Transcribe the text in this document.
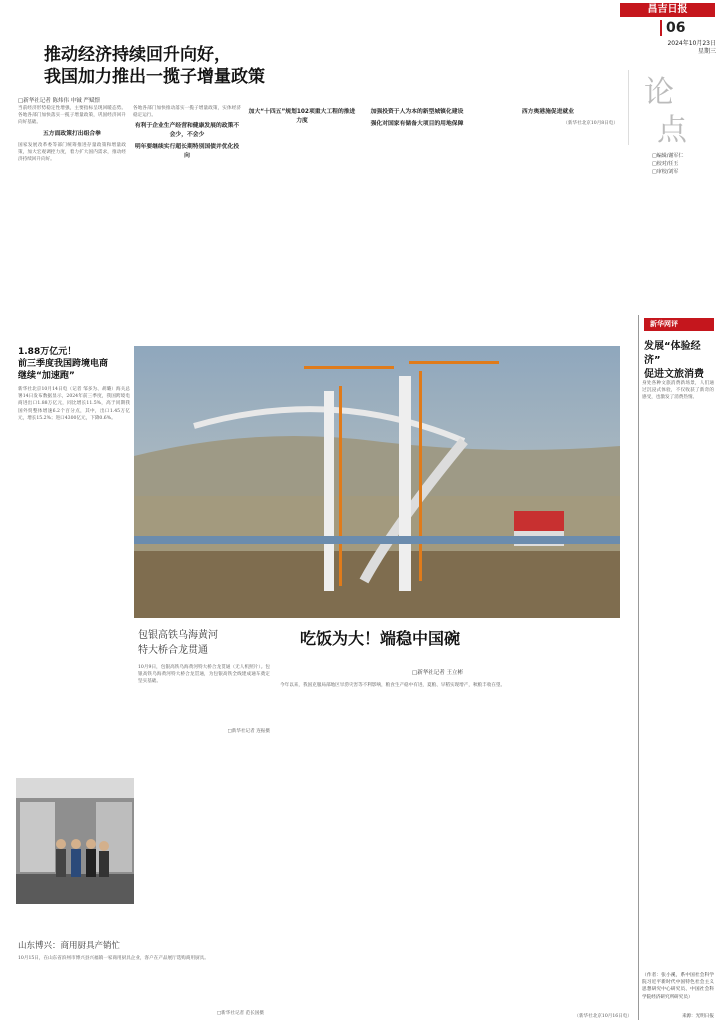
昌吉日报
06
2024年10月23日
星期三
论
点
□编辑/谢军仁
□校对/任玉
□审校/刘军
推动经济持续回升向好，
我国加力推出一揽子增量政策
□新华社记者 陈炜伟 申铖 严赋憬
当前经济形势稳定性增强，主要指标呈现回暖态势。各地各部门加快落实一揽子增量政策，巩固经济回升向好基础。
五方面政策打出组合拳
国家发展改革委等部门统筹推进存量政策和增量政策，加大宏观调控力度，着力扩大国内需求，推动经济持续回升向好。
各地各部门加快推动落实一揽子增量政策，实体经济稳定运行。
有利于企业生产经营和健康发展的政策不会少，不会少
明年要继续实行超长期特别国债并优化投向
加大“十四五”规划102项重大工程的推进力度
加强投资于人为本的新型城镇化建设
强化对国家有储备大项目的用地保障
西方奥港施促进就业
（新华社北京10月8日电）
新华网评
发展“体验经济”
促进文旅消费
身处各种文旅消费新场景，人们通过沉浸式体验，不仅收获了新奇的感受，也激发了消费热情。
（作者：张小溪，系中国社会科学院习近平新时代中国特色社会主义思想研究中心研究员、中国社会科学院经济研究所研究员）
来源：光明日报
1.88万亿元！
前三季度我国跨境电商
继续“加速跑”
新华社北京10月14日电（记者 邹多为、胡璐）海关总署14日发布数据显示，2024年前三季度，我国跨境电商进出口1.88万亿元，同比增长11.5%，高于同期我国外贸整体增速6.2个百分点，其中，出口1.45万亿元，增长15.2%；进口4300亿元，下降0.6%。
包银高铁乌海黄河
特大桥合龙贯通
10月9日，包银高铁乌海黄河特大桥合龙贯通（无人机照片）。包银高铁乌海黄河特大桥合龙贯通，为包银高铁全线建成通车奠定坚实基础。
□新华社记者 连振摄
吃饭为大！端稳中国碗
□新华社记者 王立彬
今年以来，我国克服局部地区旱涝灾害等不利影响，粮食生产稳中有进，夏粮、早稻实现增产，秋粮丰收在望。
（新华社北京10月16日电）
山东博兴：商用厨具产销忙
10月15日，在山东省滨州市博兴县兴福镇一家商用厨具企业，客户在产品展厅选购商用厨具。
□新华社记者 范长国摄
